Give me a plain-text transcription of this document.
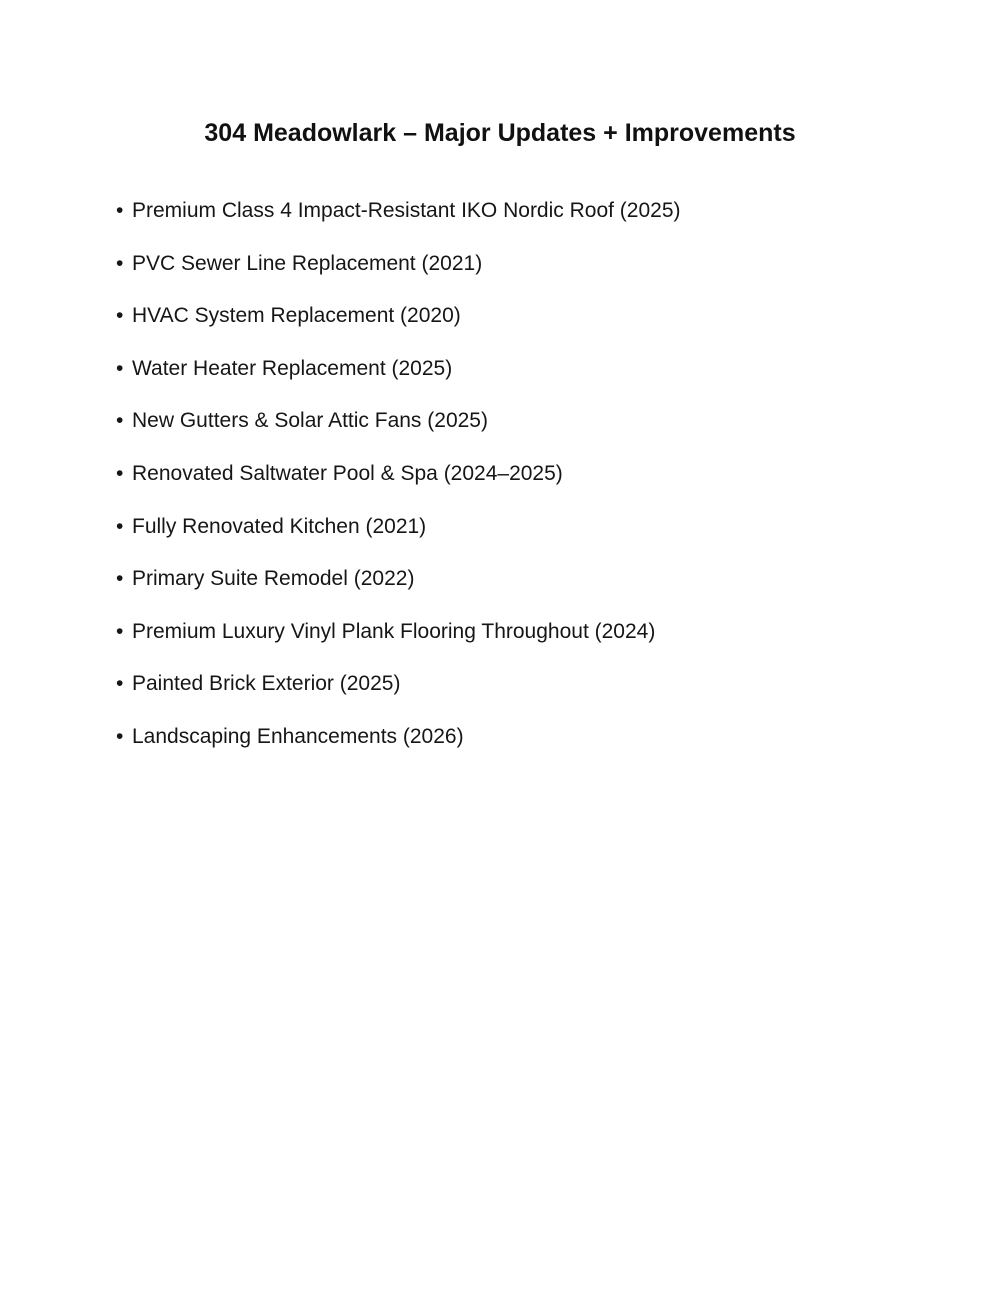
304 Meadowlark – Major Updates + Improvements
• Premium Class 4 Impact-Resistant IKO Nordic Roof (2025)
• PVC Sewer Line Replacement (2021)
• HVAC System Replacement (2020)
• Water Heater Replacement (2025)
• New Gutters & Solar Attic Fans (2025)
• Renovated Saltwater Pool & Spa (2024–2025)
• Fully Renovated Kitchen (2021)
• Primary Suite Remodel (2022)
• Premium Luxury Vinyl Plank Flooring Throughout (2024)
• Painted Brick Exterior (2025)
• Landscaping Enhancements (2026)
